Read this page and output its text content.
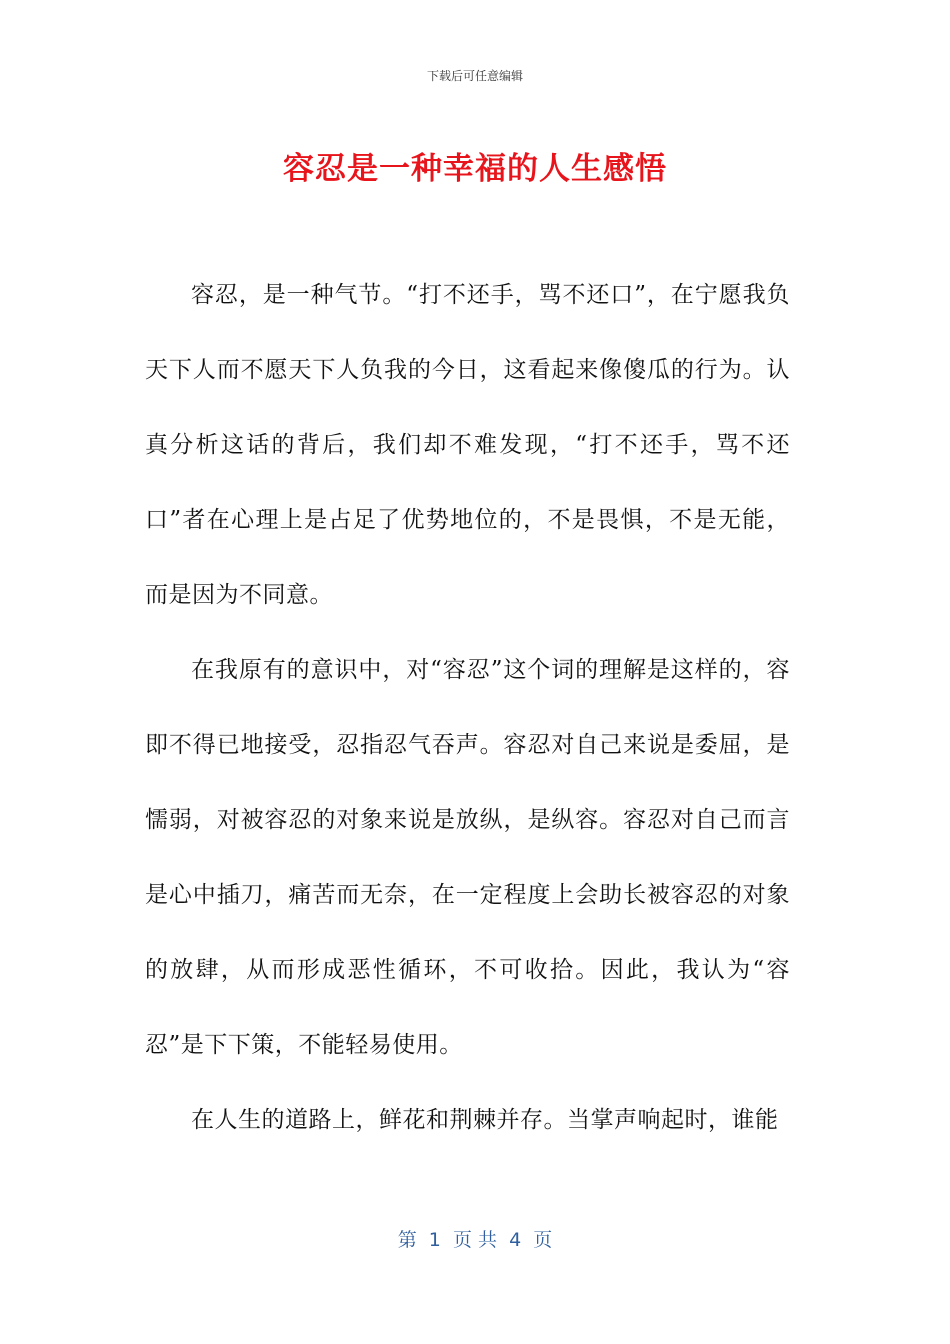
下载后可任意编辑
容忍是一种幸福的人生感悟

容忍，是一种气节。“打不还手，骂不还口”，在宁愿我负天下人而不愿天下人负我的今日，这看起来像傻瓜的行为。认真分析这话的背后，我们却不难发现，“打不还手，骂不还口”者在心理上是占足了优势地位的，不是畏惧，不是无能，而是因为不同意。

在我原有的意识中，对“容忍”这个词的理解是这样的，容即不得已地接受，忍指忍气吞声。容忍对自己来说是委屈，是懦弱，对被容忍的对象来说是放纵，是纵容。容忍对自己而言是心中插刀，痛苦而无奈，在一定程度上会助长被容忍的对象的放肆，从而形成恶性循环，不可收拾。因此，我认为“容忍”是下下策，不能轻易使用。

在人生的道路上，鲜花和荆棘并存。当掌声响起时，谁能

第  1  页 共  4  页
